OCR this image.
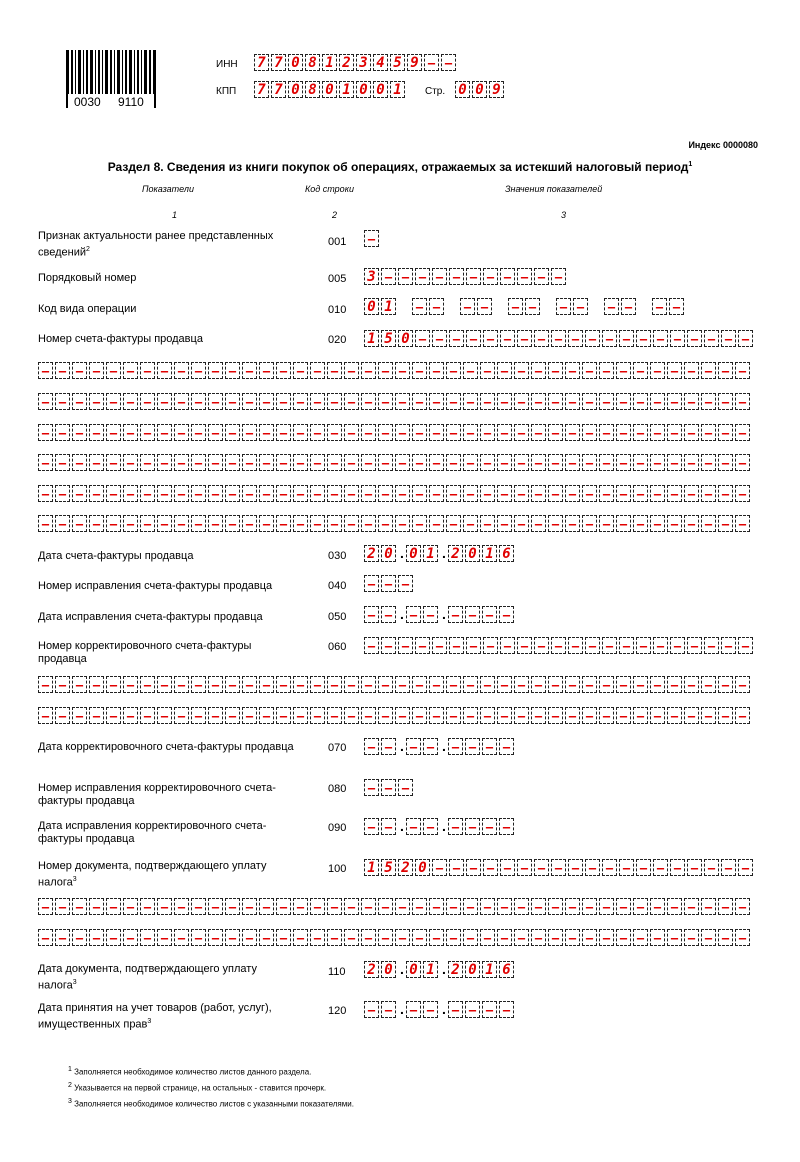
0030 9110
ИНН 7 7 0 8 1 2 3 4 5 9 – –
КПП 7 7 0 8 0 1 0 0 1	Стр. 0 0 9
Индекс 0000080
Раздел 8. Сведения из книги покупок об операциях, отражаемых за истекший налоговый период$^1$
Показатели	Код строки	Значения показателей
1	2	3
Признак актуальности ранее представленных сведений$^2$
001	–
Порядковый номер	005 3 – – – – – – – – – – –
Код вида операции	010 0 1	– –	– –	– –	– –	– –	– –
Номер счета-фактуры продавца	020 1 5 0 – – – – – – – – – – – – – – – – – – – –
– – – – – – – – – – – – – – – – – – – – – – – – – – – – – – – – – – – – – – – – – –
– – – – – – – – – – – – – – – – – – – – – – – – – – – – – – – – – – – – – – – – – –
– – – – – – – – – – – – – – – – – – – – – – – – – – – – – – – – – – – – – – – – – –
– – – – – – – – – – – – – – – – – – – – – – – – – – – – – – – – – – – – – – – – – –
– – – – – – – – – – – – – – – – – – – – – – – – – – – – – – – – – – – – – – – – – –
– – – – – – – – – – – – – – – – – – – – – – – – – – – – – – – – – – – – – – – – – –
Дата счета-фактуры продавца	030 2 0 . 0 1 . 2 0 1 6
Номер исправления счета-фактуры продавца	040	– – –
Дата исправления счета-фактуры продавца	050	– – . – – . – – – –
Номер корректировочного счета-фактуры продавца
060	– – – – – – – – – – – – – – – – – – – – – – –
– – – – – – – – – – – – – – – – – – – – – – – – – – – – – – – – – – – – – – – – – –
– – – – – – – – – – – – – – – – – – – – – – – – – – – – – – – – – – – – – – – – – –
Дата корректировочного счета-фактуры продавца	070	– – . – – . – – – –
Номер исправления корректировочного счета-фактуры продавца
080	– – –
Дата исправления корректировочного счета-фактуры продавца
090	– – . – – . – – – –
Номер документа, подтверждающего уплату налога$^3$
100 1 5 2 0 – – – – – – – – – – – – – – – – – – –
– – – – – – – – – – – – – – – – – – – – – – – – – – – – – – – – – – – – – – – – – –
– – – – – – – – – – – – – – – – – – – – – – – – – – – – – – – – – – – – – – – – – –
Дата документа, подтверждающего уплату налога$^3$
110 2 0 . 0 1 . 2 0 1 6
Дата принятия на учет товаров (работ, услуг), имущественных прав$^3$
120	– – . – – . – – – –
$^1$ Заполняется необходимое количество листов данного раздела.
$^2$ Указывается на первой странице, на остальных - ставится прочерк.
$^3$ Заполняется необходимое количество листов с указанными показателями.
